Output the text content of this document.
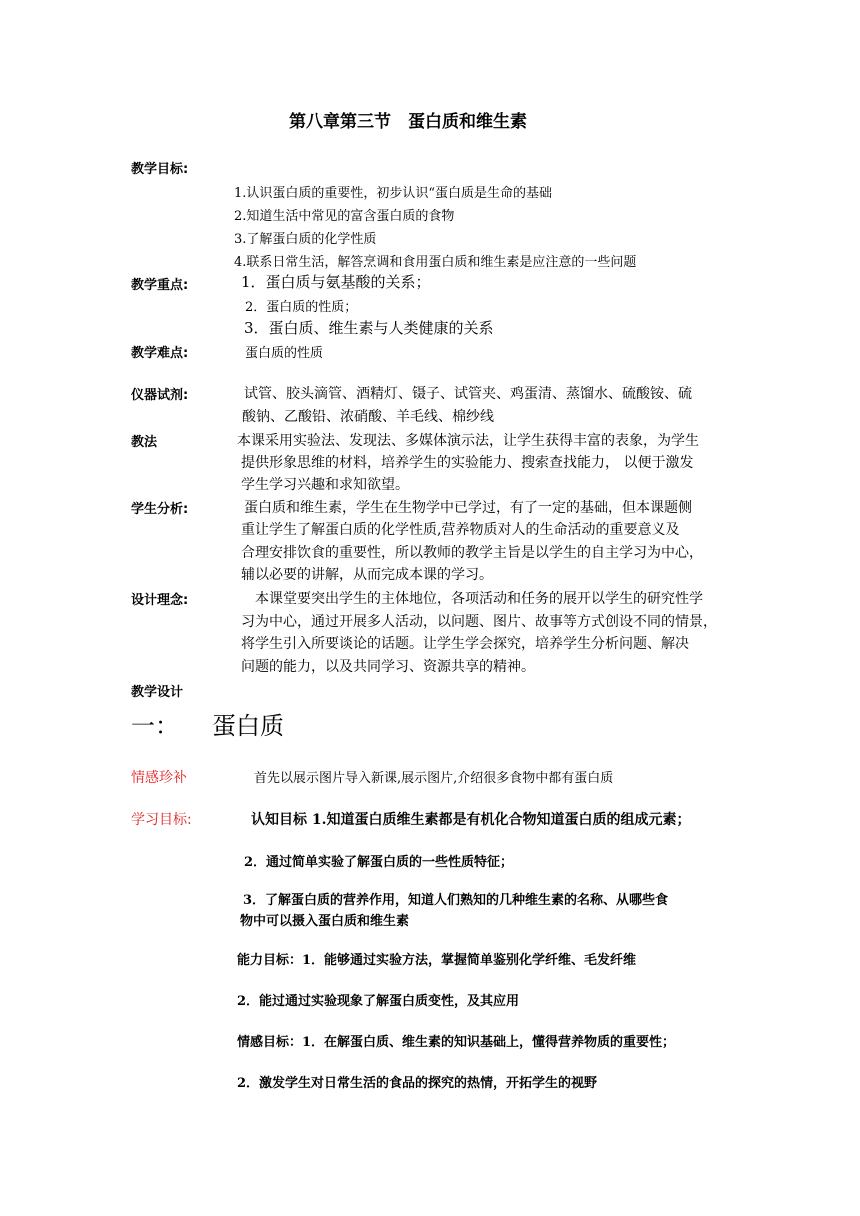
第八章第三节　蛋白质和维生素
教学目标:
1.认识蛋白质的重要性，初步认识“蛋白质是生命的基础
2.知道生活中常见的富含蛋白质的食物
3.了解蛋白质的化学性质
4.联系日常生活，解答烹调和食用蛋白质和维生素是应注意的一些问题
教学重点:	1．蛋白质与氨基酸的关系；
2．蛋白质的性质；
3．蛋白质、维生素与人类健康的关系
教学难点:	蛋白质的性质
仪器试剂:	试管、胶头滴管、酒精灯、镊子、试管夹、鸡蛋清、蒸馏水、硫酸铵、硫
酸钠、乙酸铅、浓硝酸、羊毛线、棉纱线
教法	本课采用实验法、发现法、多媒体演示法，让学生获得丰富的表象，为学生
提供形象思维的材料，培养学生的实验能力、搜索查找能力， 以便于激发
学生学习兴趣和求知欲望。
学生分析:	蛋白质和维生素，学生在生物学中已学过，有了一定的基础，但本课题侧
重让学生了解蛋白质的化学性质,营养物质对人的生命活动的重要意义及
合理安排饮食的重要性，所以教师的教学主旨是以学生的自主学习为中心，
辅以必要的讲解，从而完成本课的学习。
设计理念:	本课堂要突出学生的主体地位，各项活动和任务的展开以学生的研究性学
习为中心，通过开展多人活动，以问题、图片、故事等方式创设不同的情景，
将学生引入所要谈论的话题。让学生学会探究，培养学生分析问题、解决
问题的能力，以及共同学习、资源共享的精神。
教学设计
一： 蛋白质
情感珍补	首先以展示图片导入新课,展示图片,介绍很多食物中都有蛋白质
学习目标:	认知目标 1.知道蛋白质维生素都是有机化合物知道蛋白质的组成元素；
2．通过简单实验了解蛋白质的一些性质特征；
3．了解蛋白质的营养作用，知道人们熟知的几种维生素的名称、从哪些食
物中可以摄入蛋白质和维生素
能力目标：1．能够通过实验方法，掌握简单鉴别化学纤维、毛发纤维
2．能过通过实验现象了解蛋白质变性，及其应用
情感目标：1．在解蛋白质、维生素的知识基础上，懂得营养物质的重要性；
2．激发学生对日常生活的食品的探究的热情，开拓学生的视野
